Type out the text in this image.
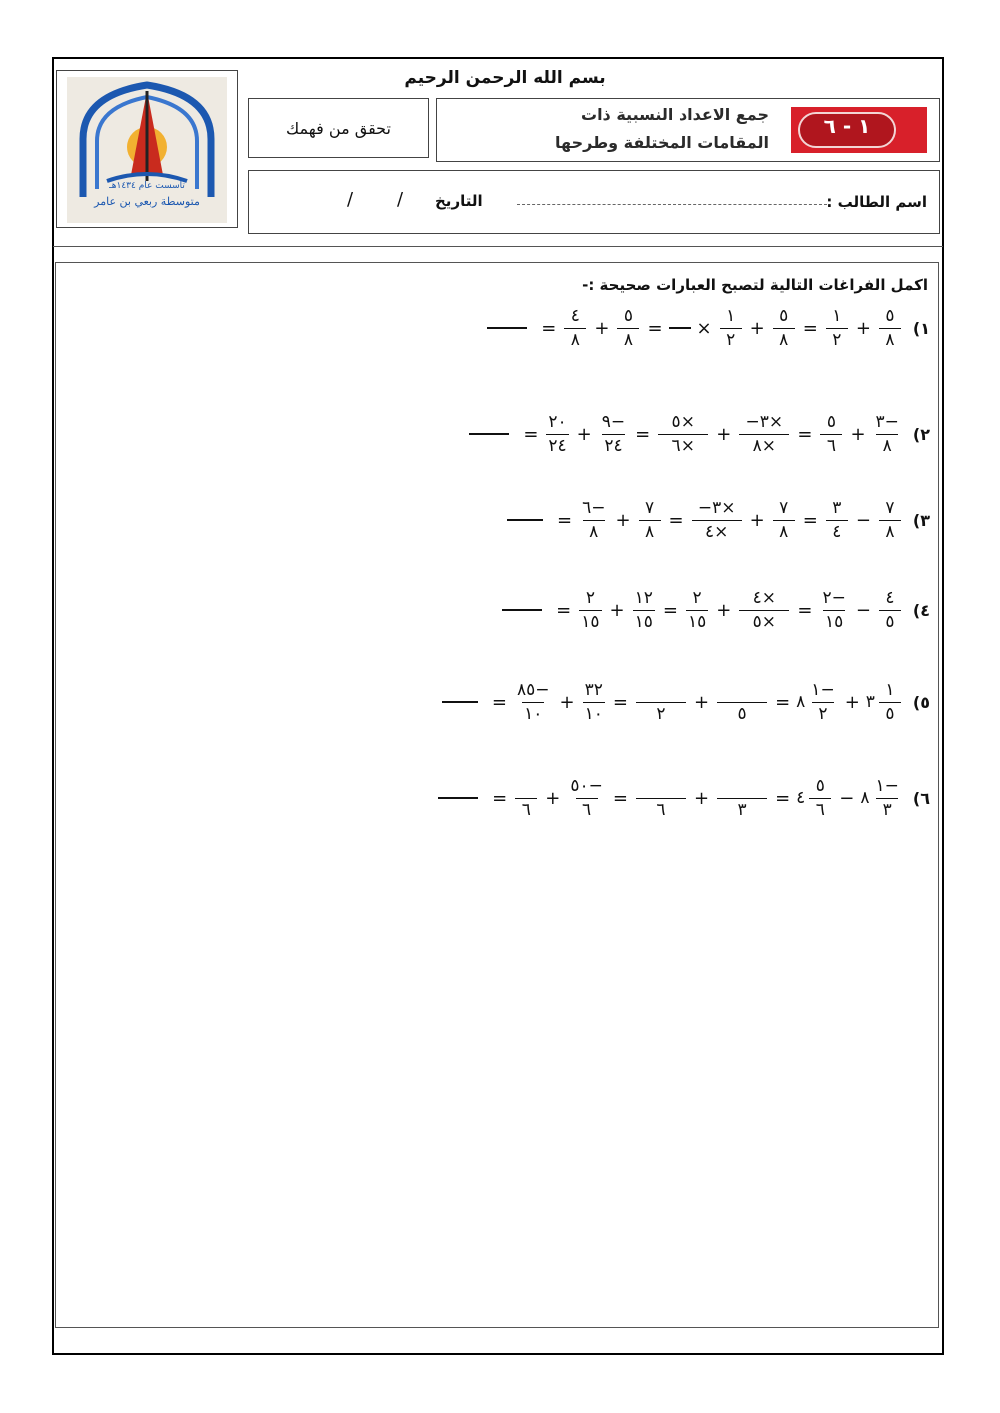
تأسست عام ١٤٣٤هـ
متوسطة ربعي بن عامر
بسم الله الرحمن الرحيم
تحقق من فهمك
جمع الاعداد النسبية ذات
المقامات المختلفة وطرحها
١ - ٦
اسم الطالب :
التاريخ
/
/
اكمل الفراغات التالية لتصبح العبارات صحيحة :-
١)
$\frac{٥}{٨}$
+
$\frac{١}{٢}$
=
$\frac{٥}{٨}$
+
$\frac{١}{٢}$
×
=
$\frac{٥}{٨}$
+
$\frac{٤}{٨}$
=
٢)
$\frac{٣-}{٨}$
+
$\frac{٥}{٦}$
=
$\frac{-٣\times}{٨\times}$
+
$\frac{٥\times}{٦\times}$
=
$\frac{٩-}{٢٤}$
+
$\frac{٢٠}{٢٤}$
=
٣)
$\frac{٧}{٨}$
−
$\frac{٣}{٤}$
=
$\frac{٧}{٨}$
+
$\frac{-٣\times}{٤\times}$
=
$\frac{٧}{٨}$
+
$\frac{٦-}{٨}$
=
٤)
$\frac{٤}{٥}$
−
$\frac{٢-}{١٥}$
=
$\frac{٤\times}{٥\times}$
+
$\frac{٢}{١٥}$
=
$\frac{١٢}{١٥}$
+
$\frac{٢}{١٥}$
=
٥)
$\frac{١}{٥}$
٣
+
$\frac{١-}{٢}$
٨
=

٥
+

٢
=
$\frac{٣٢}{١٠}$
+
$\frac{٨٥-}{١٠}$
=
٦)
$\frac{١-}{٣}$
٨
−
$\frac{٥}{٦}$
٤
=

٣
+

٦
=
$\frac{٥٠-}{٦}$
+

٦
=
